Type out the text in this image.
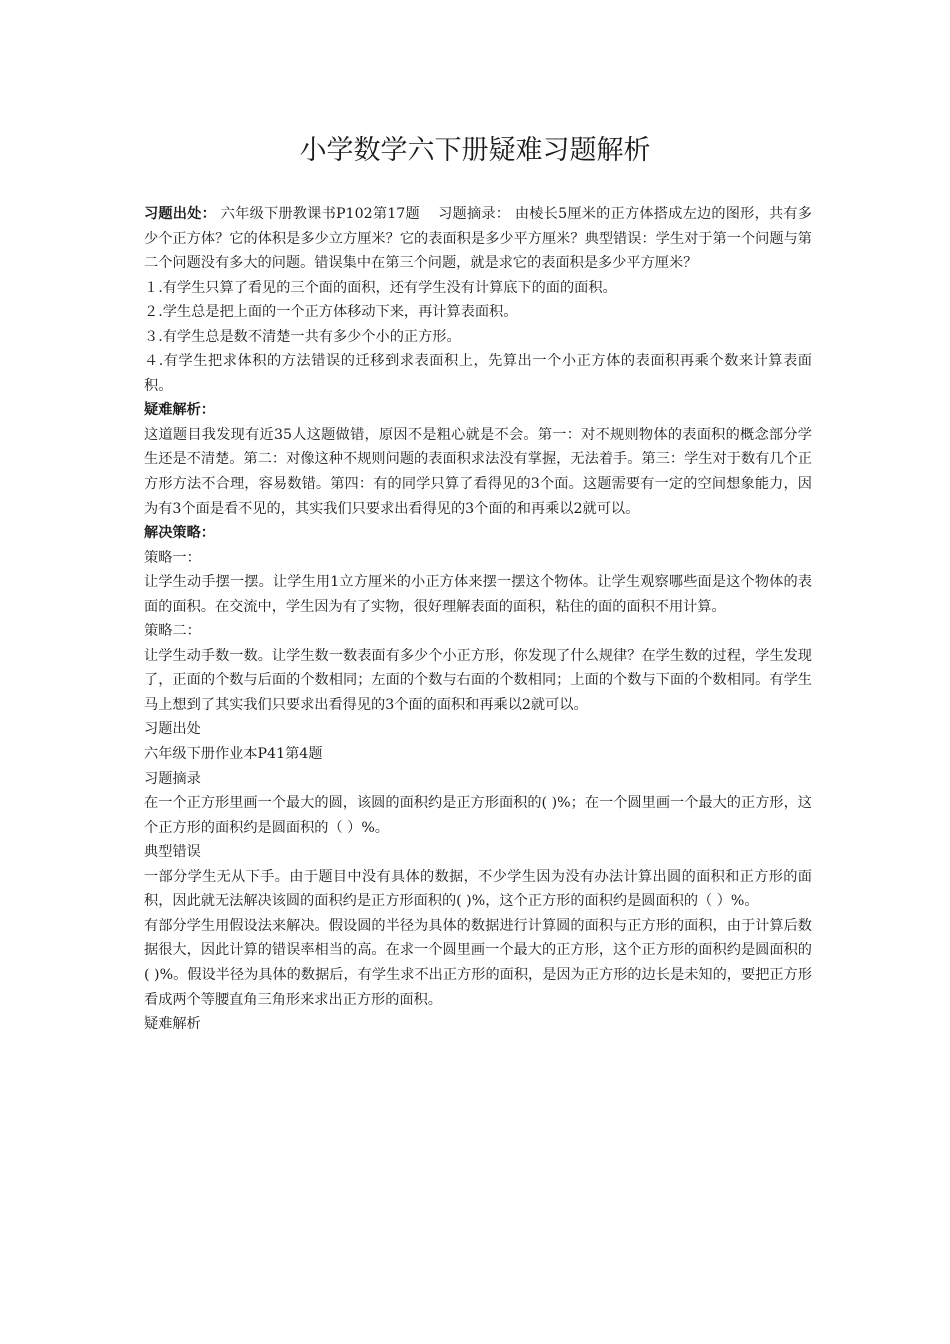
小学数学六下册疑难习题解析

习题出处： 六年级下册教课书P102第17题 习题摘录： 由棱长5厘米的正方体搭成左边的图形，共有多少个正方体？它的体积是多少立方厘米？它的表面积是多少平方厘米？典型错误：学生对于第一个问题与第二个问题没有多大的问题。错误集中在第三个问题，就是求它的表面积是多少平方厘米？

１.有学生只算了看见的三个面的面积，还有学生没有计算底下的面的面积。

２.学生总是把上面的一个正方体移动下来，再计算表面积。

３.有学生总是数不清楚一共有多少个小的正方形。

４.有学生把求体积的方法错误的迁移到求表面积上，先算出一个小正方体的表面积再乘个数来计算表面积。

疑难解析：

这道题目我发现有近35人这题做错，原因不是粗心就是不会。第一：对不规则物体的表面积的概念部分学生还是不清楚。第二：对像这种不规则问题的表面积求法没有掌握，无法着手。第三：学生对于数有几个正方形方法不合理，容易数错。第四：有的同学只算了看得见的3个面。这题需要有一定的空间想象能力，因为有3个面是看不见的，其实我们只要求出看得见的3个面的和再乘以2就可以。

解决策略：

策略一：

让学生动手摆一摆。让学生用1立方厘米的小正方体来摆一摆这个物体。让学生观察哪些面是这个物体的表面的面积。在交流中，学生因为有了实物，很好理解表面的面积，粘住的面的面积不用计算。

策略二：

让学生动手数一数。让学生数一数表面有多少个小正方形，你发现了什么规律？在学生数的过程，学生发现了，正面的个数与后面的个数相同；左面的个数与右面的个数相同；上面的个数与下面的个数相同。有学生马上想到了其实我们只要求出看得见的3个面的面积和再乘以2就可以。

习题出处

六年级下册作业本P41第4题

习题摘录

在一个正方形里画一个最大的圆，该圆的面积约是正方形面积的( )%；在一个圆里画一个最大的正方形，这个正方形的面积约是圆面积的（ ）%。

典型错误

一部分学生无从下手。由于题目中没有具体的数据，不少学生因为没有办法计算出圆的面积和正方形的面积，因此就无法解决该圆的面积约是正方形面积的( )%，这个正方形的面积约是圆面积的（ ）%。

有部分学生用假设法来解决。假设圆的半径为具体的数据进行计算圆的面积与正方形的面积，由于计算后数据很大，因此计算的错误率相当的高。在求一个圆里画一个最大的正方形，这个正方形的面积约是圆面积的( )%。假设半径为具体的数据后，有学生求不出正方形的面积，是因为正方形的边长是未知的，要把正方形看成两个等腰直角三角形来求出正方形的面积。

疑难解析
